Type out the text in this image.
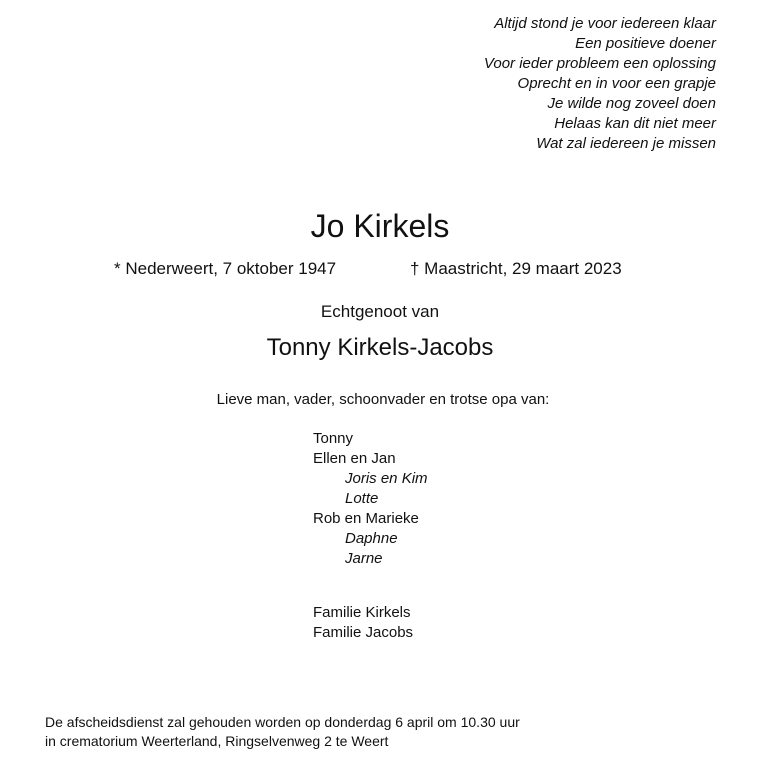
Altijd stond je voor iedereen klaar
Een positieve doener
Voor ieder probleem een oplossing
Oprecht en in voor een grapje
Je wilde nog zoveel doen
Helaas kan dit niet meer
Wat zal iedereen je missen
Jo Kirkels
* Nederweert, 7 oktober 1947	† Maastricht, 29 maart 2023
Echtgenoot van
Tonny Kirkels-Jacobs
Lieve man, vader, schoonvader en trotse opa van:
Tonny
Ellen en Jan
Joris en Kim
Lotte
Rob en Marieke
Daphne
Jarne
Familie Kirkels
Familie Jacobs
De afscheidsdienst zal gehouden worden op donderdag 6 april om 10.30 uur
in crematorium Weerterland, Ringselvenweg 2 te Weert
